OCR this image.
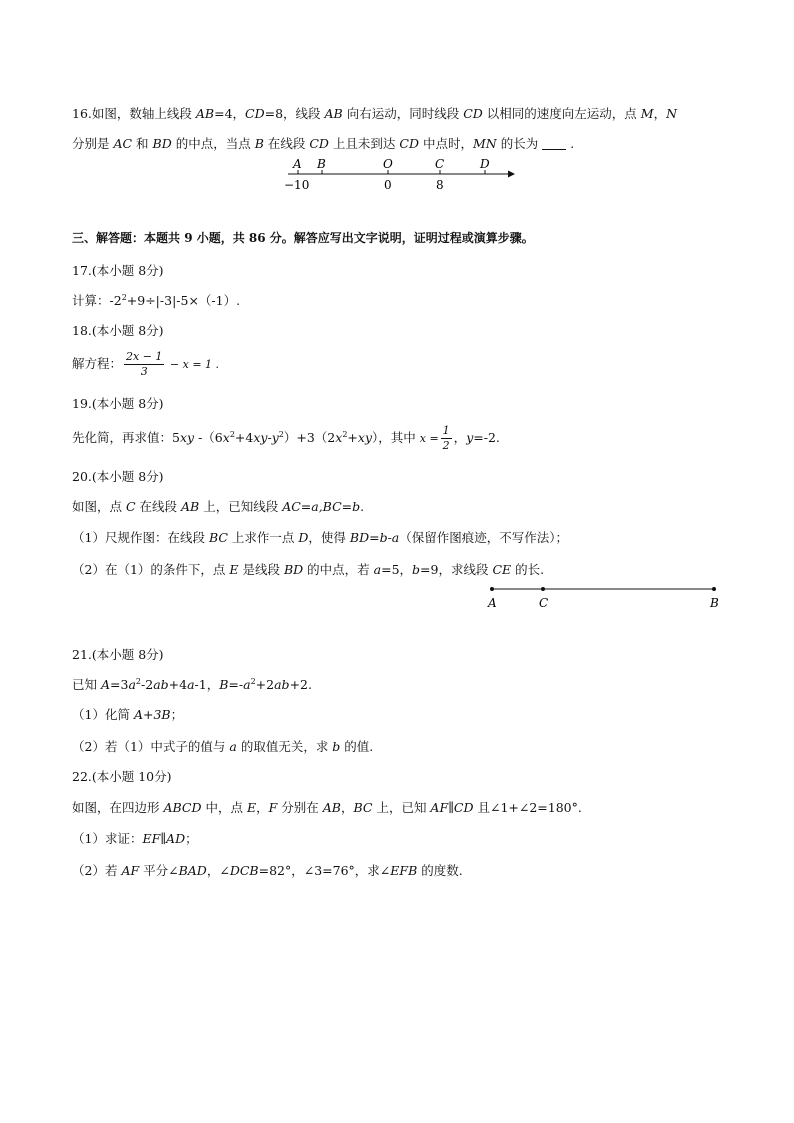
16.如图，数轴上线段 AB=4，CD=8，线段 AB 向右运动，同时线段 CD 以相同的速度向左运动，点 M，N
分别是 AC 和 BD 的中点，当点 B 在线段 CD 上且未到达 CD 中点时，MN 的长为	.
A B	O	C	D
−10	0	8
三、解答题：本题共 9 小题，共 86 分。解答应写出文字说明，证明过程或演算步骤。
17.(本小题 8分)
计算：$-2^2+9\div|-3|-5\times(-1)$.
18.(本小题 8分)
解方程： $\frac{2x - 1}{3} - x = 1$ .
19.(本小题 8分)
先化简，再求值：5xy $-(6x^2+4xy-y^2)+3(2x^2+xy)$，其中 $x = \frac{1}{2}$ ，y=-2.
20.(本小题 8分)
如图，点 C 在线段 AB 上，已知线段 AC=a,BC=b.
（1）尺规作图：在线段 BC 上求作一点 D，使得 BD=b-a（保留作图痕迹，不写作法）；
（2）在（1）的条件下，点 E 是线段 BD 的中点，若 a=5，b=9，求线段 CE 的长.
A	C	B
21.(本小题 8分)
已知 $A=3a^2-2ab+4a-1$，$B=-a^2+2ab+2$.
（1）化简 A+3B；
（2）若（1）中式子的值与 a 的取值无关，求 b 的值.
22.(本小题 10分)
如图，在四边形 ABCD 中，点 E，F 分别在 AB，BC 上，已知 AF∥CD 且∠1+∠2=180°.
（1）求证：EF∥AD；
（2）若 AF 平分∠BAD，∠DCB=82°，∠3=76°，求∠EFB 的度数.
